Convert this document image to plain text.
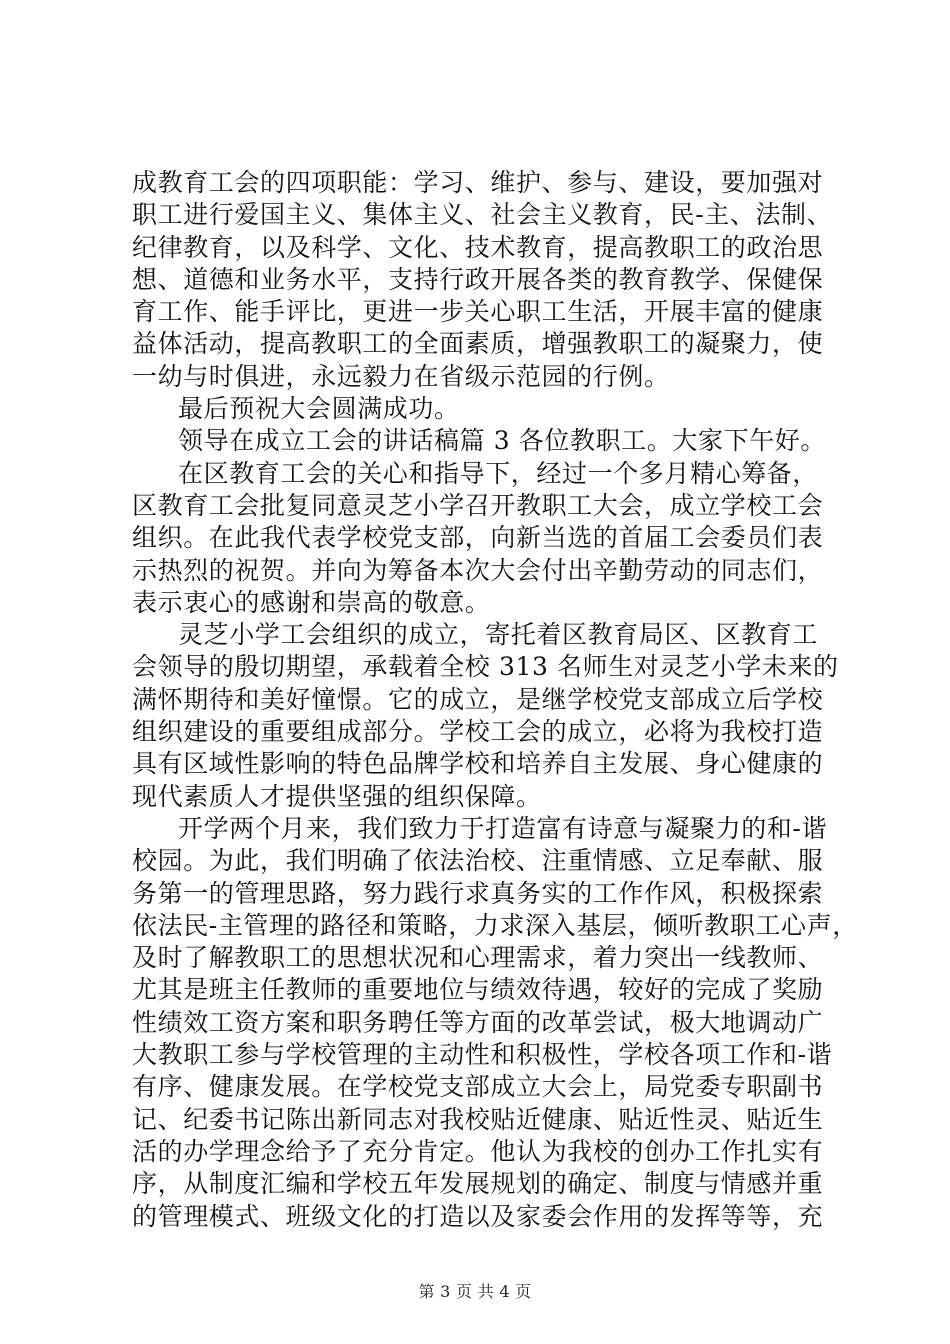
成教育工会的四项职能：学习、维护、参与、建设，要加强对
职工进行爱国主义、集体主义、社会主义教育，民-主、法制、
纪律教育，以及科学、文化、技术教育，提高教职工的政治思
想、道德和业务水平，支持行政开展各类的教育教学、保健保
育工作、能手评比，更进一步关心职工生活，开展丰富的健康
益体活动，提高教职工的全面素质，增强教职工的凝聚力，使
一幼与时俱进，永远毅力在省级示范园的行例。
最后预祝大会圆满成功。
领导在成立工会的讲话稿篇 3 各位教职工。大家下午好。
在区教育工会的关心和指导下，经过一个多月精心筹备，
区教育工会批复同意灵芝小学召开教职工大会，成立学校工会
组织。在此我代表学校党支部，向新当选的首届工会委员们表
示热烈的祝贺。并向为筹备本次大会付出辛勤劳动的同志们，
表示衷心的感谢和崇高的敬意。
灵芝小学工会组织的成立，寄托着区教育局区、区教育工
会领导的殷切期望，承载着全校 313 名师生对灵芝小学未来的
满怀期待和美好憧憬。它的成立，是继学校党支部成立后学校
组织建设的重要组成部分。学校工会的成立，必将为我校打造
具有区域性影响的特色品牌学校和培养自主发展、身心健康的
现代素质人才提供坚强的组织保障。
开学两个月来，我们致力于打造富有诗意与凝聚力的和-谐
校园。为此，我们明确了依法治校、注重情感、立足奉献、服
务第一的管理思路，努力践行求真务实的工作作风，积极探索
依法民-主管理的路径和策略，力求深入基层，倾听教职工心声，
及时了解教职工的思想状况和心理需求，着力突出一线教师、
尤其是班主任教师的重要地位与绩效待遇，较好的完成了奖励
性绩效工资方案和职务聘任等方面的改革尝试，极大地调动广
大教职工参与学校管理的主动性和积极性，学校各项工作和-谐
有序、健康发展。在学校党支部成立大会上，局党委专职副书
记、纪委书记陈出新同志对我校贴近健康、贴近性灵、贴近生
活的办学理念给予了充分肯定。他认为我校的创办工作扎实有
序，从制度汇编和学校五年发展规划的确定、制度与情感并重
的管理模式、班级文化的打造以及家委会作用的发挥等等，充
第 3 页 共 4 页
